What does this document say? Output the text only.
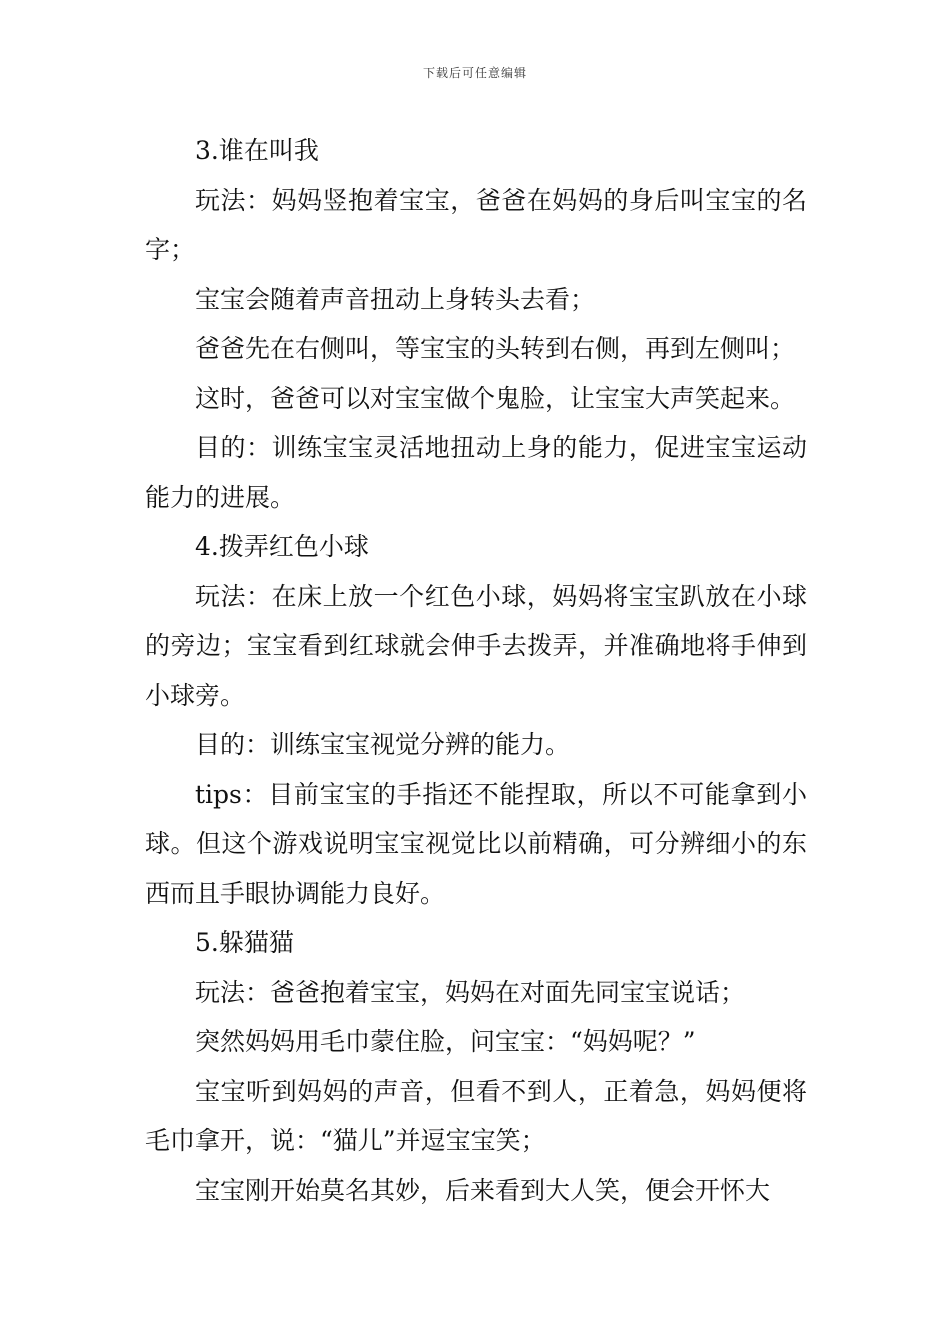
下载后可任意编辑

3.谁在叫我

玩法：妈妈竖抱着宝宝，爸爸在妈妈的身后叫宝宝的名字；

宝宝会随着声音扭动上身转头去看；

爸爸先在右侧叫，等宝宝的头转到右侧，再到左侧叫；

这时，爸爸可以对宝宝做个鬼脸，让宝宝大声笑起来。

目的：训练宝宝灵活地扭动上身的能力，促进宝宝运动能力的进展。

4.拨弄红色小球

玩法：在床上放一个红色小球，妈妈将宝宝趴放在小球的旁边；宝宝看到红球就会伸手去拨弄，并准确地将手伸到小球旁。

目的：训练宝宝视觉分辨的能力。

tips：目前宝宝的手指还不能捏取，所以不可能拿到小球。但这个游戏说明宝宝视觉比以前精确，可分辨细小的东西而且手眼协调能力良好。

5.躲猫猫

玩法：爸爸抱着宝宝，妈妈在对面先同宝宝说话；

突然妈妈用毛巾蒙住脸，问宝宝：“妈妈呢？”

宝宝听到妈妈的声音，但看不到人，正着急，妈妈便将毛巾拿开，说：“猫儿”并逗宝宝笑；

宝宝刚开始莫名其妙，后来看到大人笑，便会开怀大
